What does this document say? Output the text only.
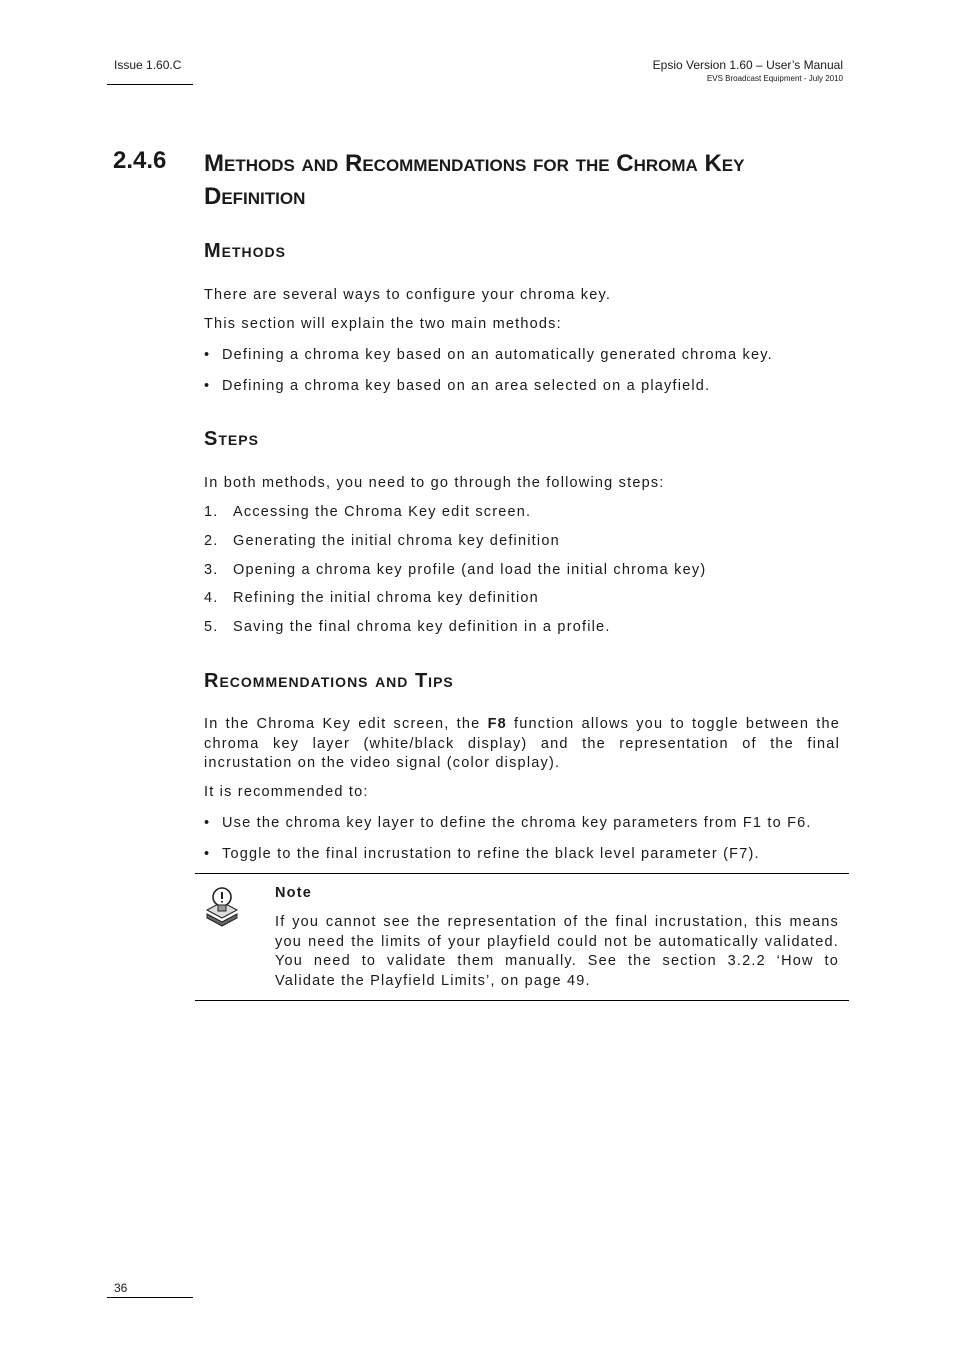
Issue 1.60.C	Epsio Version 1.60 – User’s Manual
EVS Broadcast Equipment - July 2010
2.4.6 Methods and Recommendations for the Chroma Key Definition
Methods
There are several ways to configure your chroma key.
This section will explain the two main methods:
• Defining a chroma key based on an automatically generated chroma key.
• Defining a chroma key based on an area selected on a playfield.
Steps
In both methods, you need to go through the following steps:
1. Accessing the Chroma Key edit screen.
2. Generating the initial chroma key definition
3. Opening a chroma key profile (and load the initial chroma key)
4. Refining the initial chroma key definition
5. Saving the final chroma key definition in a profile.
Recommendations and Tips
In the Chroma Key edit screen, the F8 function allows you to toggle between the chroma key layer (white/black display) and the representation of the final incrustation on the video signal (color display).
It is recommended to:
• Use the chroma key layer to define the chroma key parameters from F1 to F6.
• Toggle to the final incrustation to refine the black level parameter (F7).
Note
If you cannot see the representation of the final incrustation, this means you need the limits of your playfield could not be automatically validated. You need to validate them manually. See the section 3.2.2 ‘How to Validate the Playfield Limits’, on page 49.
36
